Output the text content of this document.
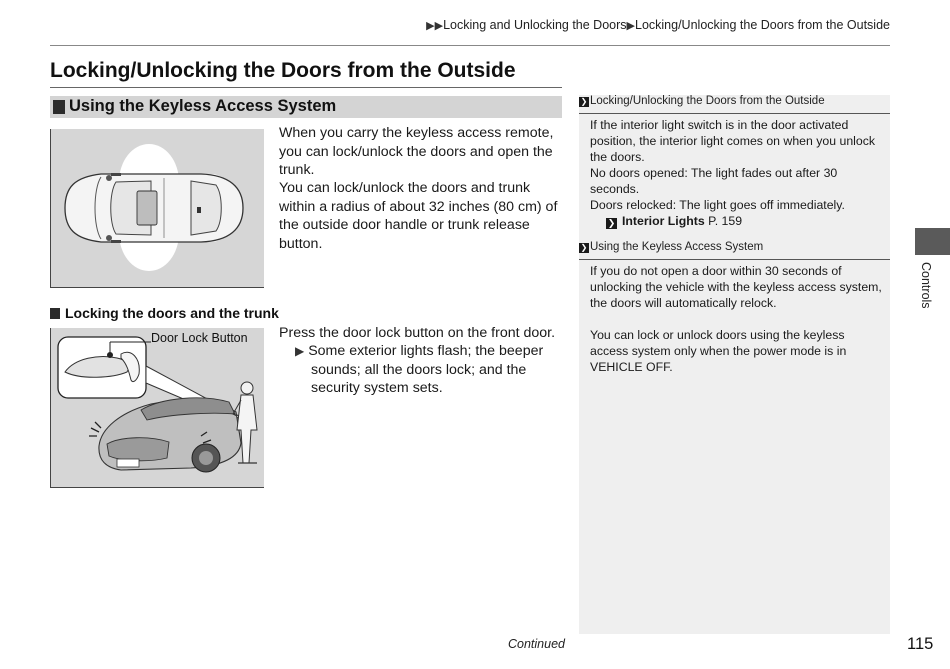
▶▶Locking and Unlocking the Doors▶Locking/Unlocking the Doors from the Outside
Locking/Unlocking the Doors from the Outside
Using the Keyless Access System
When you carry the keyless access remote, you can lock/unlock the doors and open the trunk.
You can lock/unlock the doors and trunk within a radius of about 32 inches (80 cm) of the outside door handle or trunk release button.
Locking the doors and the trunk
Door Lock Button Press the door lock button on the front door.
▶ Some exterior lights flash; the beeper sounds; all the doors lock; and the security system sets.
❯ Locking/Unlocking the Doors from the Outside
If the interior light switch is in the door activated position, the interior light comes on when you unlock the doors.
No doors opened: The light fades out after 30 seconds.
Doors relocked: The light goes off immediately.
❯ Interior Lights P. 159
❯ Using the Keyless Access System
If you do not open a door within 30 seconds of unlocking the vehicle with the keyless access system, the doors will automatically relock.
You can lock or unlock doors using the keyless access system only when the power mode is in VEHICLE OFF.
Controls
Continued	115
